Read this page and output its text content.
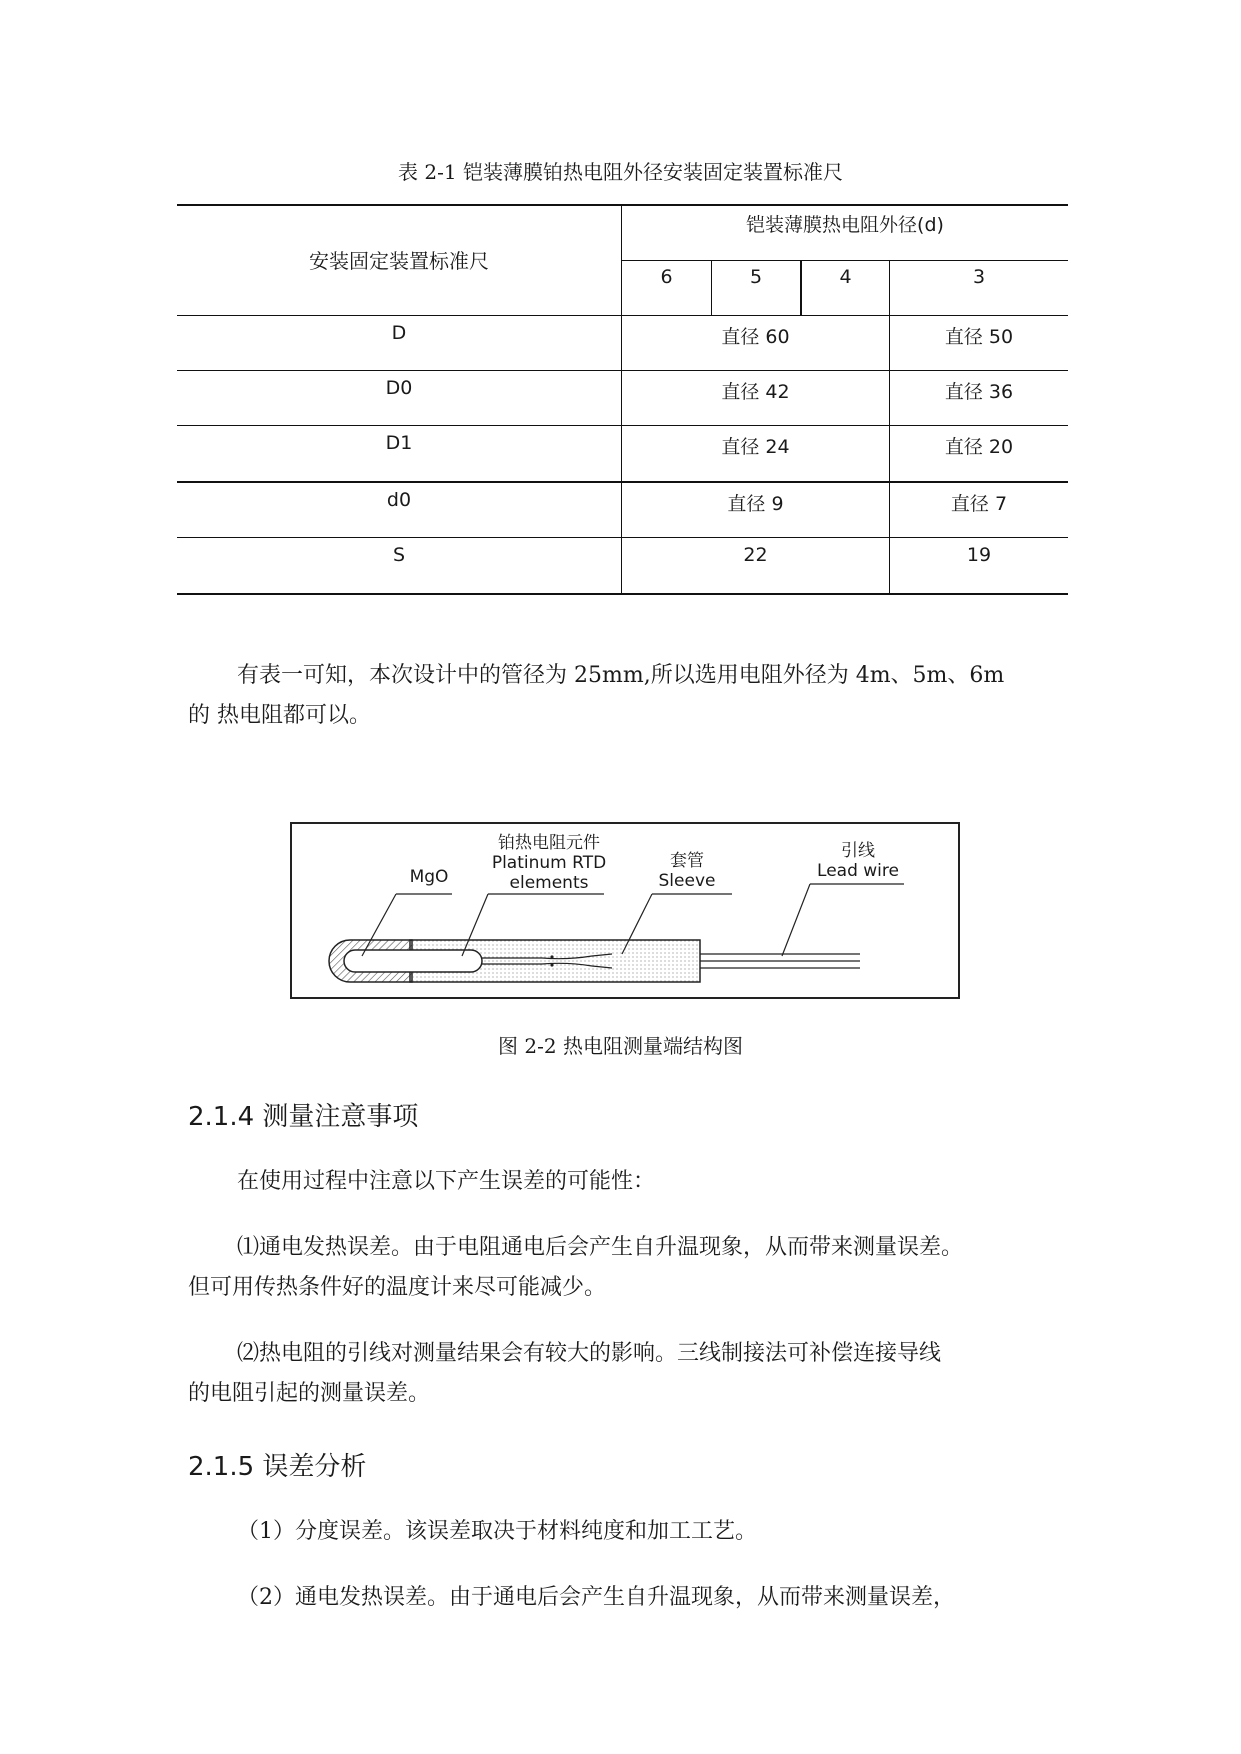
表 2-1 铠装薄膜铂热电阻外径安装固定装置标准尺
安装固定装置标准尺
铠装薄膜热电阻外径(d)
6	5	4	3
D	直径 60	直径 50
D0	直径 42	直径 36
D1	直径 24	直径 20
d0	直径 9	直径 7
S	22	19
有表一可知，本次设计中的管径为 25mm,所以选用电阻外径为 4m、5m、6m
的 热电阻都可以。
MgO
铂热电阻元件
Platinum RTD
elements
套管
Sleeve
引线
Lead wire
图 2-2 热电阻测量端结构图
2.1.4 测量注意事项
在使用过程中注意以下产生误差的可能性：
⑴通电发热误差。由于电阻通电后会产生自升温现象，从而带来测量误差。
但可用传热条件好的温度计来尽可能减少。
⑵热电阻的引线对测量结果会有较大的影响。三线制接法可补偿连接导线
的电阻引起的测量误差。
2.1.5 误差分析
（1）分度误差。该误差取决于材料纯度和加工工艺。
（2）通电发热误差。由于通电后会产生自升温现象，从而带来测量误差，
